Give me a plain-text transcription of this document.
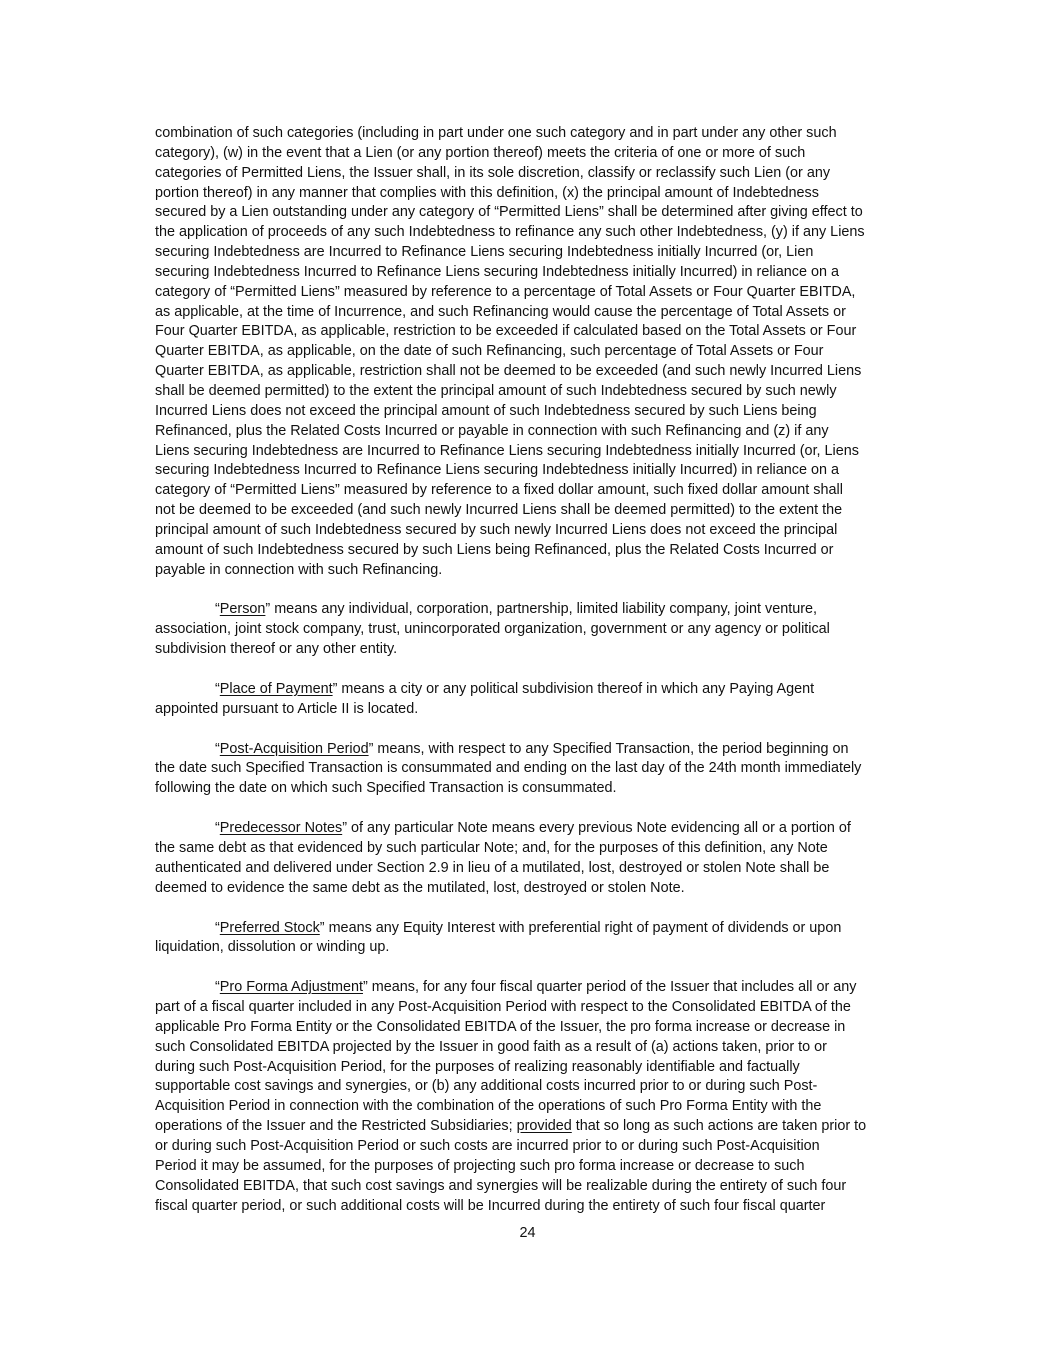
combination of such categories (including in part under one such category and in part under any other such
category), (w) in the event that a Lien (or any portion thereof) meets the criteria of one or more of such
categories of Permitted Liens, the Issuer shall, in its sole discretion, classify or reclassify such Lien (or any
portion thereof) in any manner that complies with this definition, (x) the principal amount of Indebtedness
secured by a Lien outstanding under any category of “Permitted Liens” shall be determined after giving effect to
the application of proceeds of any such Indebtedness to refinance any such other Indebtedness, (y) if any Liens
securing Indebtedness are Incurred to Refinance Liens securing Indebtedness initially Incurred (or, Lien
securing Indebtedness Incurred to Refinance Liens securing Indebtedness initially Incurred) in reliance on a
category of “Permitted Liens” measured by reference to a percentage of Total Assets or Four Quarter EBITDA,
as applicable, at the time of Incurrence, and such Refinancing would cause the percentage of Total Assets or
Four Quarter EBITDA, as applicable, restriction to be exceeded if calculated based on the Total Assets or Four
Quarter EBITDA, as applicable, on the date of such Refinancing, such percentage of Total Assets or Four
Quarter EBITDA, as applicable, restriction shall not be deemed to be exceeded (and such newly Incurred Liens
shall be deemed permitted) to the extent the principal amount of such Indebtedness secured by such newly
Incurred Liens does not exceed the principal amount of such Indebtedness secured by such Liens being
Refinanced, plus the Related Costs Incurred or payable in connection with such Refinancing and (z) if any
Liens securing Indebtedness are Incurred to Refinance Liens securing Indebtedness initially Incurred (or, Liens
securing Indebtedness Incurred to Refinance Liens securing Indebtedness initially Incurred) in reliance on a
category of “Permitted Liens” measured by reference to a fixed dollar amount, such fixed dollar amount shall
not be deemed to be exceeded (and such newly Incurred Liens shall be deemed permitted) to the extent the
principal amount of such Indebtedness secured by such newly Incurred Liens does not exceed the principal
amount of such Indebtedness secured by such Liens being Refinanced, plus the Related Costs Incurred or
payable in connection with such Refinancing.

“Person” means any individual, corporation, partnership, limited liability company, joint venture,
association, joint stock company, trust, unincorporated organization, government or any agency or political
subdivision thereof or any other entity.

“Place of Payment” means a city or any political subdivision thereof in which any Paying Agent
appointed pursuant to Article II is located.

“Post-Acquisition Period” means, with respect to any Specified Transaction, the period beginning on
the date such Specified Transaction is consummated and ending on the last day of the 24th month immediately
following the date on which such Specified Transaction is consummated.

“Predecessor Notes” of any particular Note means every previous Note evidencing all or a portion of
the same debt as that evidenced by such particular Note; and, for the purposes of this definition, any Note
authenticated and delivered under Section 2.9 in lieu of a mutilated, lost, destroyed or stolen Note shall be
deemed to evidence the same debt as the mutilated, lost, destroyed or stolen Note.

“Preferred Stock” means any Equity Interest with preferential right of payment of dividends or upon
liquidation, dissolution or winding up.

“Pro Forma Adjustment” means, for any four fiscal quarter period of the Issuer that includes all or any
part of a fiscal quarter included in any Post-Acquisition Period with respect to the Consolidated EBITDA of the
applicable Pro Forma Entity or the Consolidated EBITDA of the Issuer, the pro forma increase or decrease in
such Consolidated EBITDA projected by the Issuer in good faith as a result of (a) actions taken, prior to or
during such Post-Acquisition Period, for the purposes of realizing reasonably identifiable and factually
supportable cost savings and synergies, or (b) any additional costs incurred prior to or during such Post-
Acquisition Period in connection with the combination of the operations of such Pro Forma Entity with the
operations of the Issuer and the Restricted Subsidiaries; provided that so long as such actions are taken prior to
or during such Post-Acquisition Period or such costs are incurred prior to or during such Post-Acquisition
Period it may be assumed, for the purposes of projecting such pro forma increase or decrease to such
Consolidated EBITDA, that such cost savings and synergies will be realizable during the entirety of such four
fiscal quarter period, or such additional costs will be Incurred during the entirety of such four fiscal quarter

24
